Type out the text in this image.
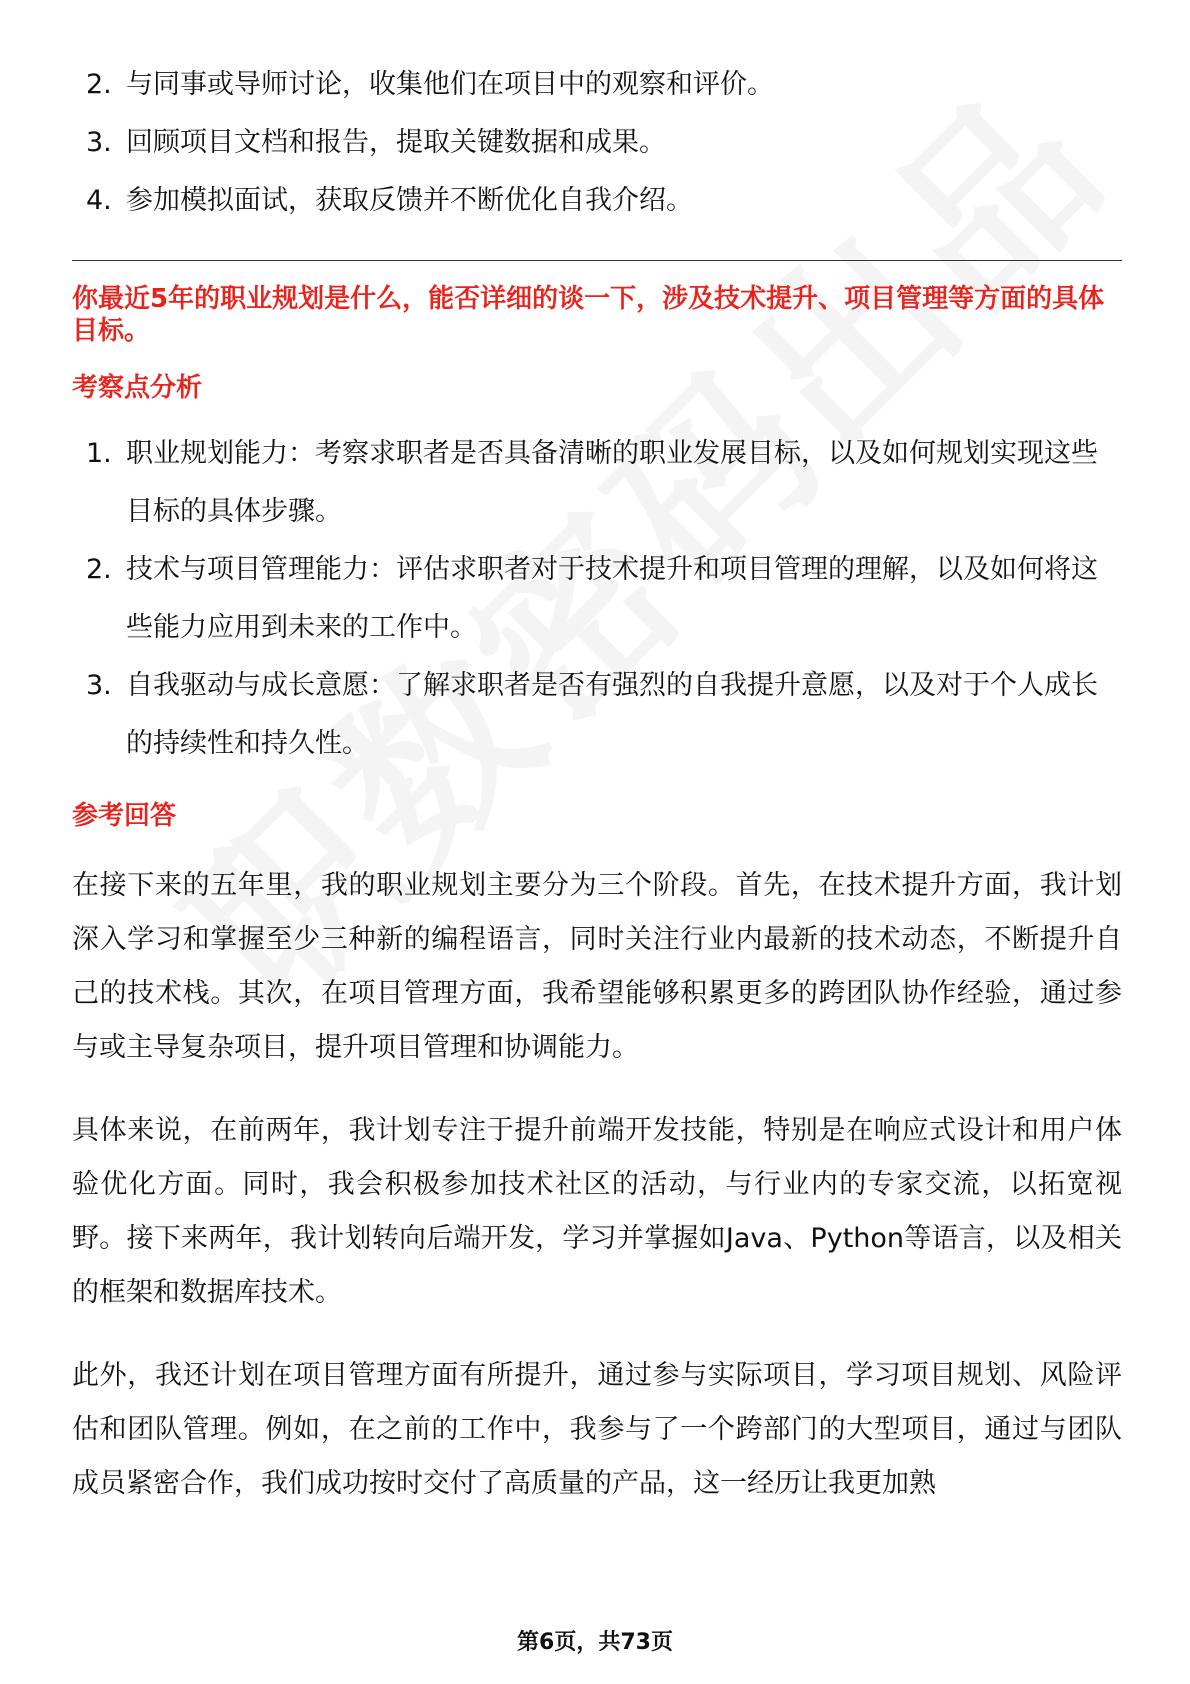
2. 与同事或导师讨论，收集他们在项目中的观察和评价。
3. 回顾项目文档和报告，提取关键数据和成果。
4. 参加模拟面试，获取反馈并不断优化自我介绍。
你最近5年的职业规划是什么，能否详细的谈一下，涉及技术提升、项目管理等方面的具体目标。
考察点分析
1. 职业规划能力：考察求职者是否具备清晰的职业发展目标，以及如何规划实现这些目标的具体步骤。
2. 技术与项目管理能力：评估求职者对于技术提升和项目管理的理解，以及如何将这些能力应用到未来的工作中。
3. 自我驱动与成长意愿：了解求职者是否有强烈的自我提升意愿，以及对于个人成长的持续性和持久性。
参考回答

在接下来的五年里，我的职业规划主要分为三个阶段。首先，在技术提升方面，我计划深入学习和掌握至少三种新的编程语言，同时关注行业内最新的技术动态，不断提升自己的技术栈。其次，在项目管理方面，我希望能够积累更多的跨团队协作经验，通过参与或主导复杂项目，提升项目管理和协调能力。

具体来说，在前两年，我计划专注于提升前端开发技能，特别是在响应式设计和用户体验优化方面。同时，我会积极参加技术社区的活动，与行业内的专家交流，以拓宽视野。接下来两年，我计划转向后端开发，学习并掌握如Java、Python等语言，以及相关的框架和数据库技术。

此外，我还计划在项目管理方面有所提升，通过参与实际项目，学习项目规划、风险评估和团队管理。例如，在之前的工作中，我参与了一个跨部门的大型项目，通过与团队成员紧密合作，我们成功按时交付了高质量的产品，这一经历让我更加熟

第6页，共73页
